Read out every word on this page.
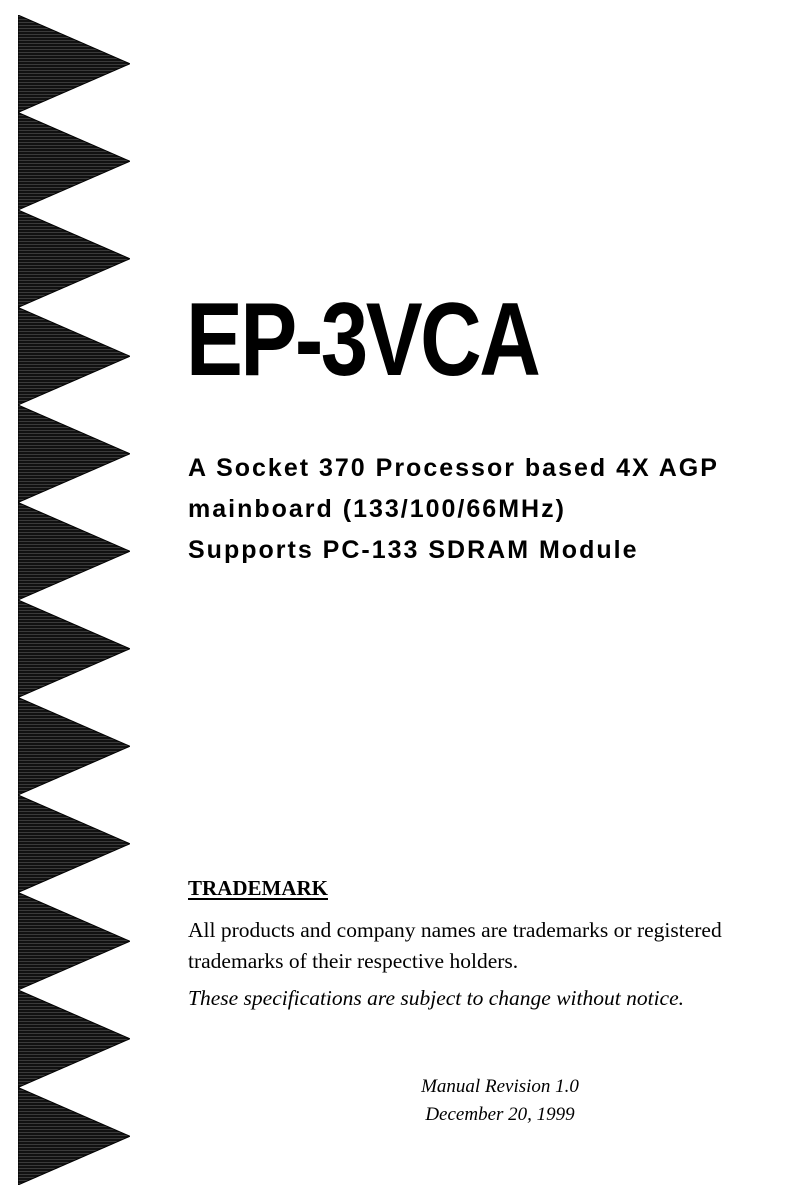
EP-3VCA
A Socket 370 Processor based 4X AGP
mainboard (133/100/66MHz)
Supports PC-133 SDRAM Module
TRADEMARK
All products and company names are trademarks or registered
trademarks of their respective holders.
These specifications are subject to change without notice.
Manual Revision 1.0
December 20, 1999
